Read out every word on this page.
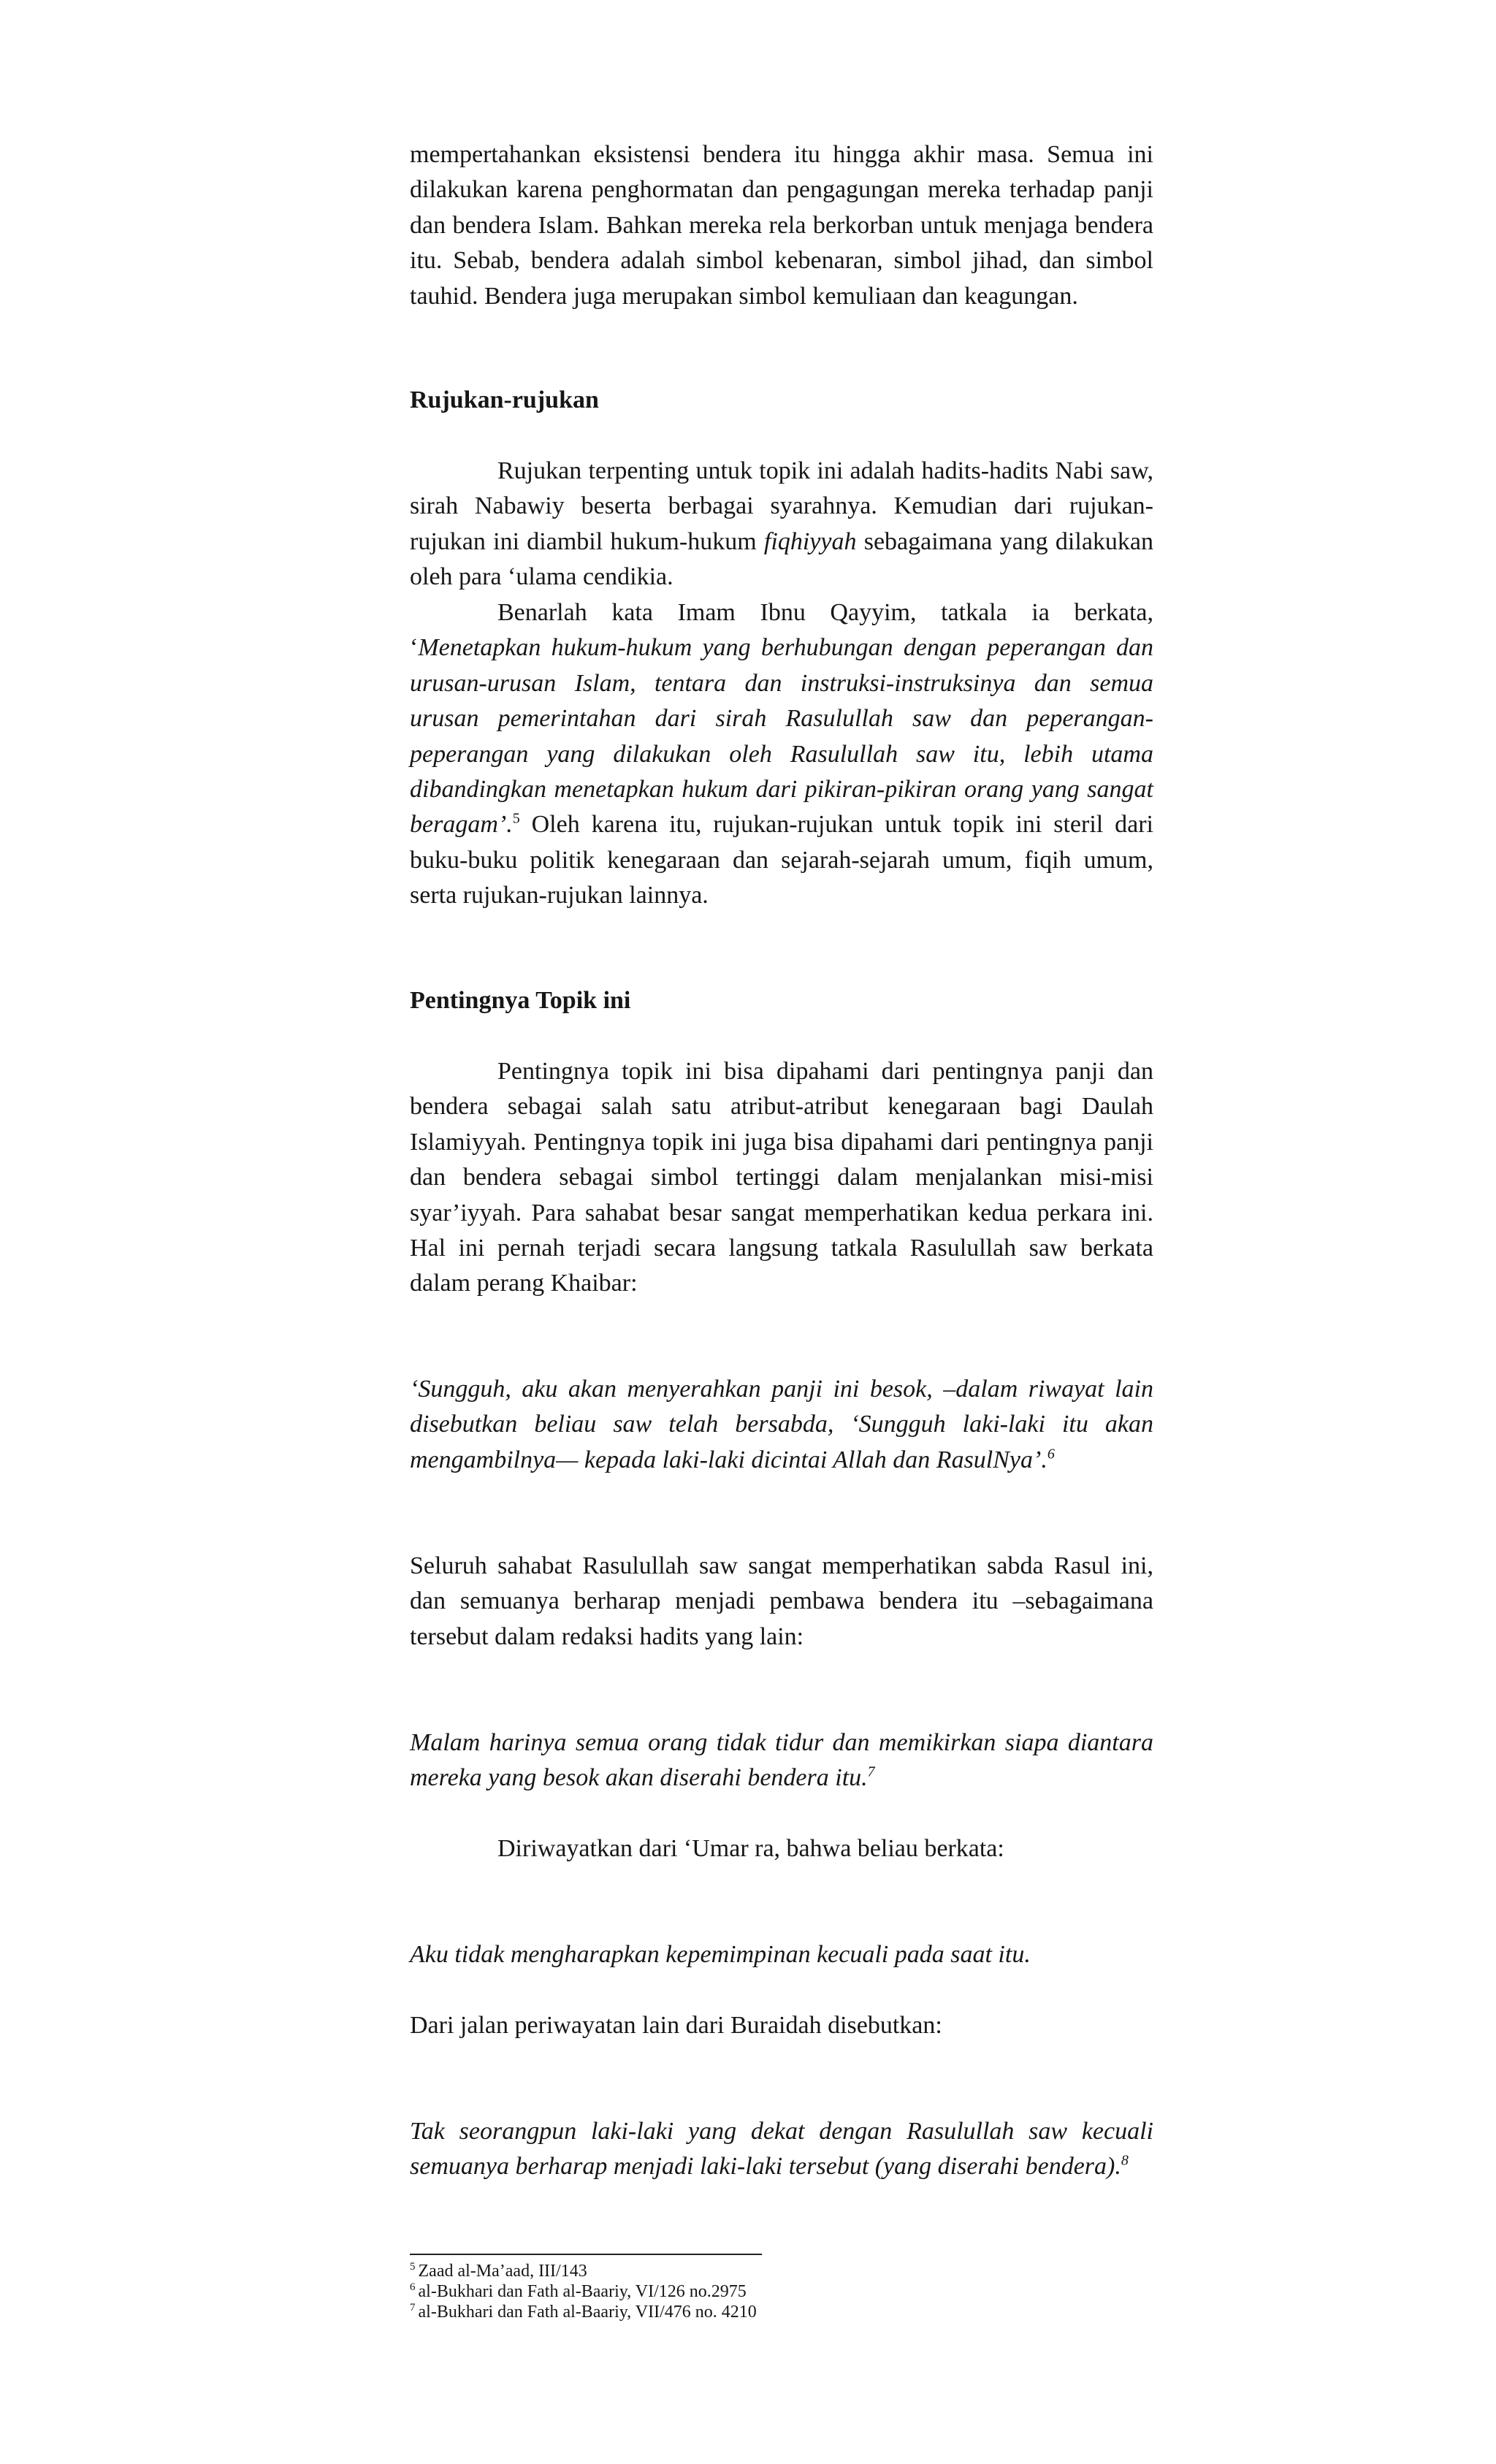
mempertahankan eksistensi bendera itu hingga akhir masa. Semua ini dilakukan karena penghormatan dan pengagungan mereka terhadap panji dan bendera Islam. Bahkan mereka rela berkorban untuk menjaga bendera itu. Sebab, bendera adalah simbol kebenaran, simbol jihad, dan simbol tauhid. Bendera juga merupakan simbol kemuliaan dan keagungan.

Rujukan-rujukan

Rujukan terpenting untuk topik ini adalah hadits-hadits Nabi saw, sirah Nabawiy beserta berbagai syarahnya. Kemudian dari rujukan-rujukan ini diambil hukum-hukum fiqhiyyah sebagaimana yang dilakukan oleh para ‘ulama cendikia.

Benarlah kata Imam Ibnu Qayyim, tatkala ia berkata, ‘Menetapkan hukum-hukum yang berhubungan dengan peperangan dan urusan-urusan Islam, tentara dan instruksi-instruksinya dan semua urusan pemerintahan dari sirah Rasulullah saw dan peperangan-peperangan yang dilakukan oleh Rasulullah saw itu, lebih utama dibandingkan menetapkan hukum dari pikiran-pikiran orang yang sangat beragam’.$^5$ Oleh karena itu, rujukan-rujukan untuk topik ini steril dari buku-buku politik kenegaraan dan sejarah-sejarah umum, fiqih umum, serta rujukan-rujukan lainnya.

Pentingnya Topik ini

Pentingnya topik ini bisa dipahami dari pentingnya panji dan bendera sebagai salah satu atribut-atribut kenegaraan bagi Daulah Islamiyyah. Pentingnya topik ini juga bisa dipahami dari pentingnya panji dan bendera sebagai simbol tertinggi dalam menjalankan misi-misi syar’iyyah. Para sahabat besar sangat memperhatikan kedua perkara ini. Hal ini pernah terjadi secara langsung tatkala Rasulullah saw berkata dalam perang Khaibar:

‘Sungguh, aku akan menyerahkan panji ini besok, –dalam riwayat lain disebutkan beliau saw telah bersabda, ‘Sungguh laki-laki itu akan mengambilnya— kepada laki-laki dicintai Allah dan RasulNya’.$^6$

Seluruh sahabat Rasulullah saw sangat memperhatikan sabda Rasul ini, dan semuanya berharap menjadi pembawa bendera itu –sebagaimana tersebut dalam redaksi hadits yang lain:

Malam harinya semua orang tidak tidur dan memikirkan siapa diantara mereka yang besok akan diserahi bendera itu.$^7$

Diriwayatkan dari ‘Umar ra, bahwa beliau berkata:

Aku tidak mengharapkan kepemimpinan kecuali pada saat itu.

Dari jalan periwayatan lain dari Buraidah disebutkan:

Tak seorangpun laki-laki yang dekat dengan Rasulullah saw kecuali semuanya berharap menjadi laki-laki tersebut (yang diserahi bendera).$^8$

$^5$ Zaad al-Ma’aad, III/143

$^6$ al-Bukhari dan Fath al-Baariy, VI/126 no.2975

$^7$ al-Bukhari dan Fath al-Baariy, VII/476 no. 4210
